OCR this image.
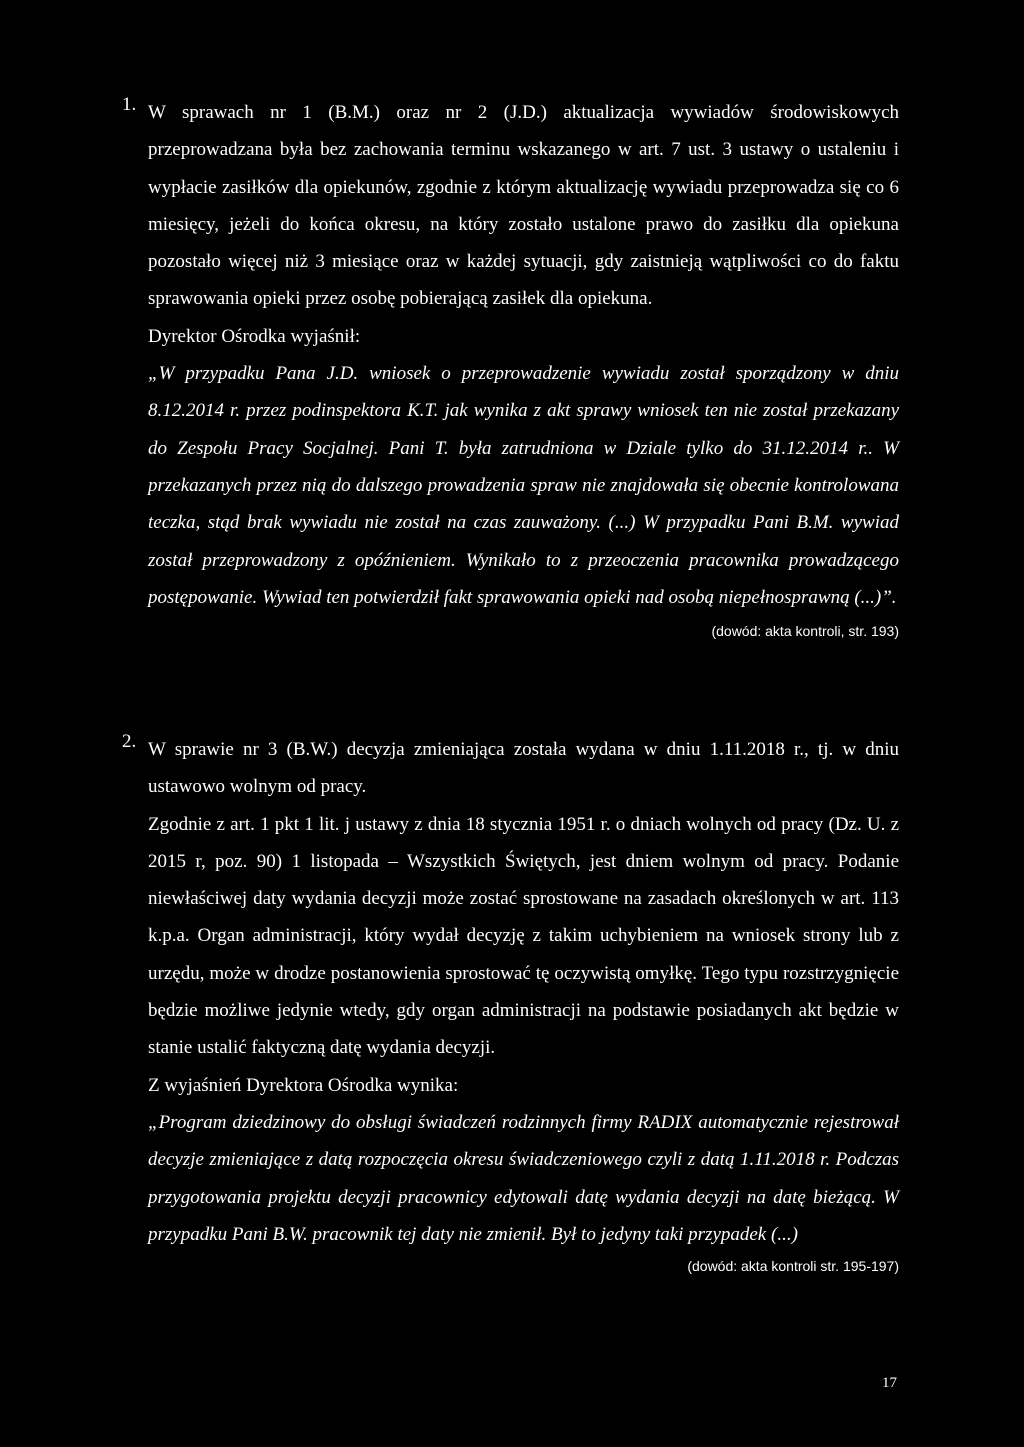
1. W sprawach nr 1 (B.M.) oraz nr 2 (J.D.) aktualizacja wywiadów środowiskowych przeprowadzana była bez zachowania terminu wskazanego w art. 7 ust. 3 ustawy o ustaleniu i wypłacie zasiłków dla opiekunów, zgodnie z którym aktualizację wywiadu przeprowadza się co 6 miesięcy, jeżeli do końca okresu, na który zostało ustalone prawo do zasiłku dla opiekuna pozostało więcej niż 3 miesiące oraz w każdej sytuacji, gdy zaistnieją wątpliwości co do faktu sprawowania opieki przez osobę pobierającą zasiłek dla opiekuna.

Dyrektor Ośrodka wyjaśnił:

„W przypadku Pana J.D. wniosek o przeprowadzenie wywiadu został sporządzony w dniu 8.12.2014 r. przez podinspektora K.T. jak wynika z akt sprawy wniosek ten nie został przekazany do Zespołu Pracy Socjalnej. Pani T. była zatrudniona w Dziale tylko do 31.12.2014 r.. W przekazanych przez nią do dalszego prowadzenia spraw nie znajdowała się obecnie kontrolowana teczka, stąd brak wywiadu nie został na czas zauważony. (...) W przypadku Pani B.M. wywiad został przeprowadzony z opóźnieniem. Wynikało to z przeoczenia pracownika prowadzącego postępowanie. Wywiad ten potwierdził fakt sprawowania opieki nad osobą niepełnosprawną (...)”.

(dowód: akta kontroli, str. 193)

2. W sprawie nr 3 (B.W.) decyzja zmieniająca została wydana w dniu 1.11.2018 r., tj. w dniu ustawowo wolnym od pracy.

Zgodnie z art. 1 pkt 1 lit. j ustawy z dnia 18 stycznia 1951 r. o dniach wolnych od pracy (Dz. U. z 2015 r, poz. 90) 1 listopada – Wszystkich Świętych, jest dniem wolnym od pracy. Podanie niewłaściwej daty wydania decyzji może zostać sprostowane na zasadach określonych w art. 113 k.p.a. Organ administracji, który wydał decyzję z takim uchybieniem na wniosek strony lub z urzędu, może w drodze postanowienia sprostować tę oczywistą omyłkę. Tego typu rozstrzygnięcie będzie możliwe jedynie wtedy, gdy organ administracji na podstawie posiadanych akt będzie w stanie ustalić faktyczną datę wydania decyzji.

Z wyjaśnień Dyrektora Ośrodka wynika:

„Program dziedzinowy do obsługi świadczeń rodzinnych firmy RADIX automatycznie rejestrował decyzje zmieniające z datą rozpoczęcia okresu świadczeniowego czyli z datą 1.11.2018 r. Podczas przygotowania projektu decyzji pracownicy edytowali datę wydania decyzji na datę bieżącą. W przypadku Pani B.W. pracownik tej daty nie zmienił. Był to jedyny taki przypadek (...)

(dowód: akta kontroli str. 195-197)

17
